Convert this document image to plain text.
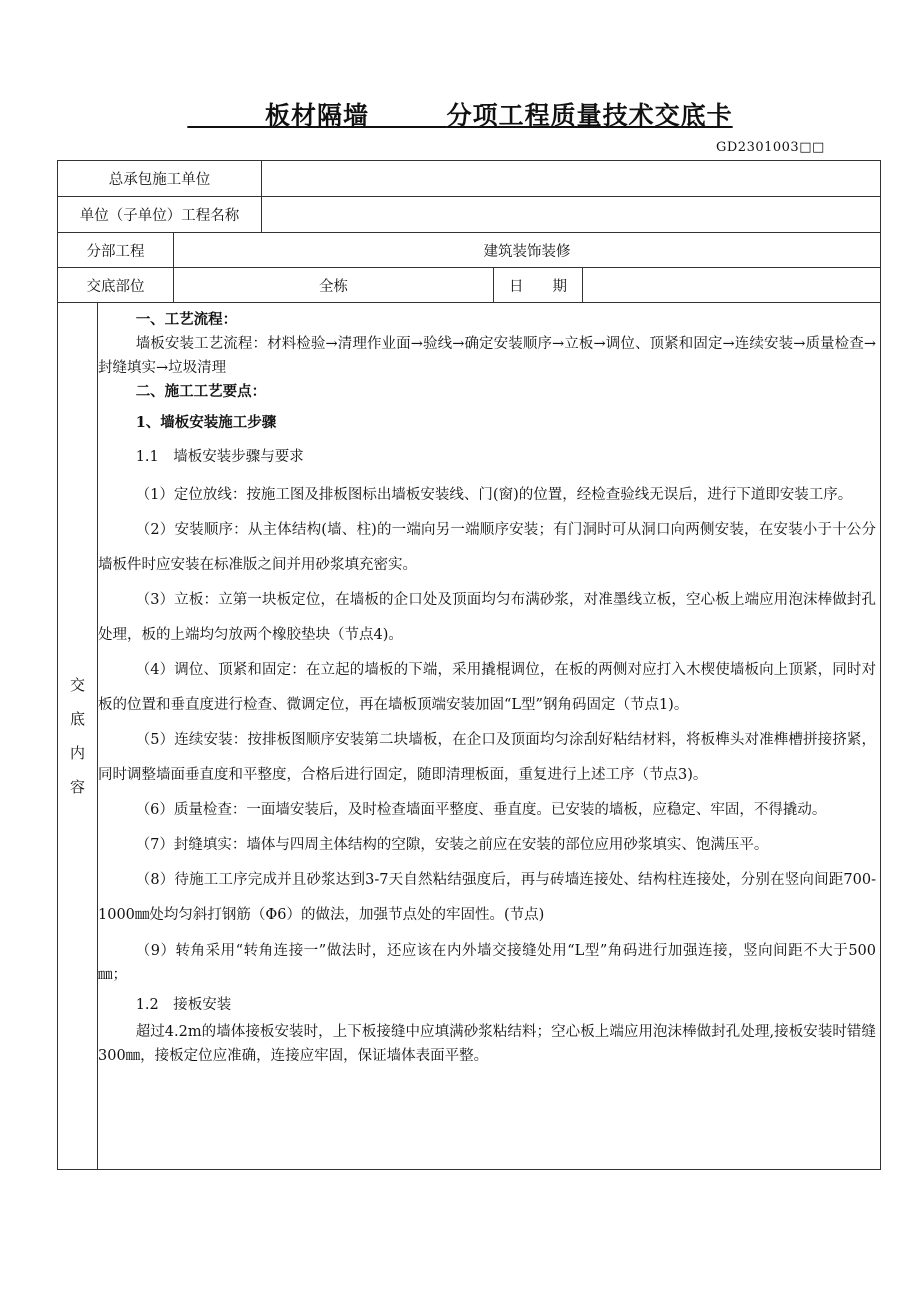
板材隔墙	分项工程质量技术交底卡
GD2301003□□
总承包施工单位
单位（子单位）工程名称
分部工程	建筑装饰装修
交底部位	全栋	日　　期
交
底
内
容

一、工艺流程：

墙板安装工艺流程：材料检验→清理作业面→验线→确定安装顺序→立板→调位、顶紧和固定→连续安装→质量检查→封缝填实→垃圾清理

二、施工工艺要点：

1、墙板安装施工步骤

1.1　墙板安装步骤与要求

（1）定位放线：按施工图及排板图标出墙板安装线、门(窗)的位置，经检查验线无误后，进行下道即安装工序。

（2）安装顺序：从主体结构(墙、柱)的一端向另一端顺序安装；有门洞时可从洞口向两侧安装，在安装小于十公分墙板件时应安装在标准版之间并用砂浆填充密实。

（3）立板：立第一块板定位，在墙板的企口处及顶面均匀布满砂浆，对准墨线立板，空心板上端应用泡沫棒做封孔处理，板的上端均匀放两个橡胶垫块（节点4)。

（4）调位、顶紧和固定：在立起的墙板的下端，采用撬棍调位，在板的两侧对应打入木楔使墙板向上顶紧，同时对板的位置和垂直度进行检查、微调定位，再在墙板顶端安装加固“L型”钢角码固定（节点1)。

（5）连续安装：按排板图顺序安装第二块墙板，在企口及顶面均匀涂刮好粘结材料，将板榫头对准榫槽拼接挤紧，同时调整墙面垂直度和平整度，合格后进行固定，随即清理板面，重复进行上述工序（节点3)。

（6）质量检查：一面墙安装后，及时检查墙面平整度、垂直度。已安装的墙板，应稳定、牢固，不得撬动。

（7）封缝填实：墙体与四周主体结构的空隙，安装之前应在安装的部位应用砂浆填实、饱满压平。

（8）待施工工序完成并且砂浆达到3-7天自然粘结强度后，再与砖墙连接处、结构柱连接处，分别在竖向间距700-1000㎜处均匀斜打钢筋（Φ6）的做法，加强节点处的牢固性。(节点)

（9）转角采用“转角连接一”做法时，还应该在内外墙交接缝处用“L型”角码进行加强连接，竖向间距不大于500㎜；

1.2　接板安装

超过4.2m的墙体接板安装时，上下板接缝中应填满砂浆粘结料；空心板上端应用泡沫棒做封孔处理,接板安装时错缝300㎜，接板定位应准确，连接应牢固，保证墙体表面平整。
